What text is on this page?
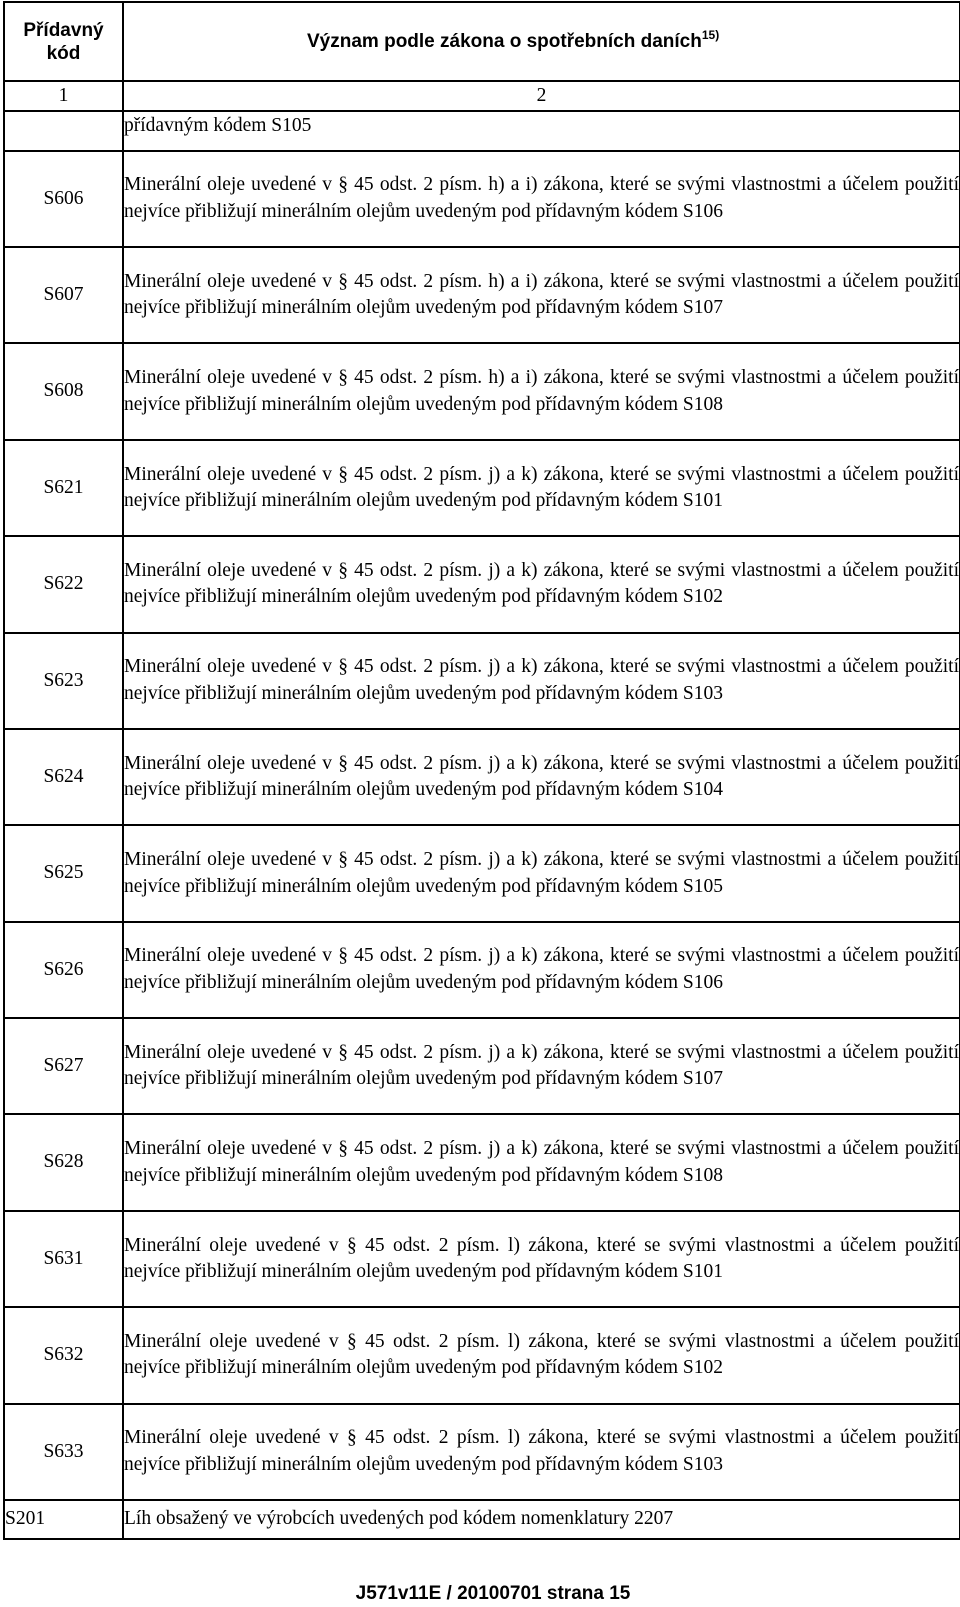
Přídavný kód	Význam podle zákona o spotřebních daních$^{15)}$
1	2
	přídavným kódem S105
S606	Minerální oleje uvedené v § 45 odst. 2 písm. h) a i) zákona, které se svými vlastnostmi a účelem použití nejvíce přibližují minerálním olejům uvedeným pod přídavným kódem S106
S607	Minerální oleje uvedené v § 45 odst. 2 písm. h) a i) zákona, které se svými vlastnostmi a účelem použití nejvíce přibližují minerálním olejům uvedeným pod přídavným kódem S107
S608	Minerální oleje uvedené v § 45 odst. 2 písm. h) a i) zákona, které se svými vlastnostmi a účelem použití nejvíce přibližují minerálním olejům uvedeným pod přídavným kódem S108
S621	Minerální oleje uvedené v § 45 odst. 2 písm. j) a k) zákona, které se svými vlastnostmi a účelem použití nejvíce přibližují minerálním olejům uvedeným pod přídavným kódem S101
S622	Minerální oleje uvedené v § 45 odst. 2 písm. j) a k) zákona, které se svými vlastnostmi a účelem použití nejvíce přibližují minerálním olejům uvedeným pod přídavným kódem S102
S623	Minerální oleje uvedené v § 45 odst. 2 písm. j) a k) zákona, které se svými vlastnostmi a účelem použití nejvíce přibližují minerálním olejům uvedeným pod přídavným kódem S103
S624	Minerální oleje uvedené v § 45 odst. 2 písm. j) a k) zákona, které se svými vlastnostmi a účelem použití nejvíce přibližují minerálním olejům uvedeným pod přídavným kódem S104
S625	Minerální oleje uvedené v § 45 odst. 2 písm. j) a k) zákona, které se svými vlastnostmi a účelem použití nejvíce přibližují minerálním olejům uvedeným pod přídavným kódem S105
S626	Minerální oleje uvedené v § 45 odst. 2 písm. j) a k) zákona, které se svými vlastnostmi a účelem použití nejvíce přibližují minerálním olejům uvedeným pod přídavným kódem S106
S627	Minerální oleje uvedené v § 45 odst. 2 písm. j) a k) zákona, které se svými vlastnostmi a účelem použití nejvíce přibližují minerálním olejům uvedeným pod přídavným kódem S107
S628	Minerální oleje uvedené v § 45 odst. 2 písm. j) a k) zákona, které se svými vlastnostmi a účelem použití nejvíce přibližují minerálním olejům uvedeným pod přídavným kódem S108
S631	Minerální oleje uvedené v § 45 odst. 2 písm. l) zákona, které se svými vlastnostmi a účelem použití nejvíce přibližují minerálním olejům uvedeným pod přídavným kódem S101
S632	Minerální oleje uvedené v § 45 odst. 2 písm. l) zákona, které se svými vlastnostmi a účelem použití nejvíce přibližují minerálním olejům uvedeným pod přídavným kódem S102
S633	Minerální oleje uvedené v § 45 odst. 2 písm. l) zákona, které se svými vlastnostmi a účelem použití nejvíce přibližují minerálním olejům uvedeným pod přídavným kódem S103
S201	Líh obsažený ve výrobcích uvedených pod kódem nomenklatury 2207

J571v11E / 20100701 strana 15
